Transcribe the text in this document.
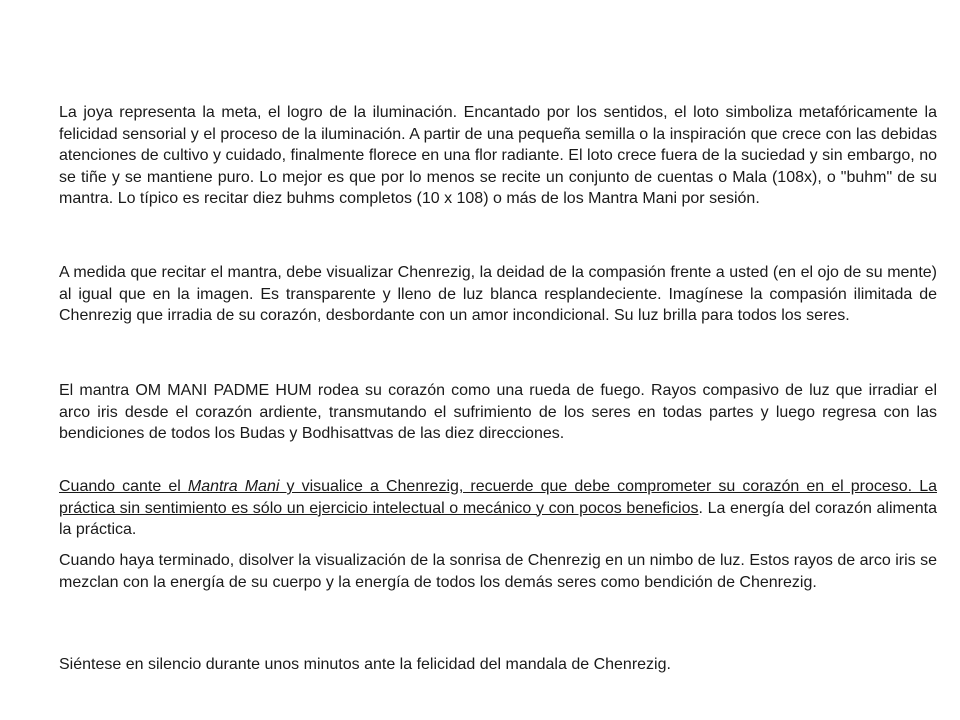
La joya representa la meta, el logro de la iluminación. Encantado por los sentidos, el loto simboliza metafóricamente la felicidad sensorial y el proceso de la iluminación. A partir de una pequeña semilla o la inspiración que crece con las debidas atenciones de cultivo y cuidado, finalmente florece en una flor radiante. El loto crece fuera de la suciedad y sin embargo, no se tiñe y se mantiene puro. Lo mejor es que por lo menos se recite un conjunto de cuentas o Mala (108x), o "buhm" de su mantra. Lo típico es recitar diez buhms completos (10 x 108) o más de los Mantra Mani por sesión.

A medida que recitar el mantra, debe visualizar Chenrezig, la deidad de la compasión frente a usted (en el ojo de su mente) al igual que en la imagen. Es transparente y lleno de luz blanca resplandeciente. Imagínese la compasión ilimitada de Chenrezig que irradia de su corazón, desbordante con un amor incondicional. Su luz brilla para todos los seres.

El mantra OM MANI PADME HUM rodea su corazón como una rueda de fuego. Rayos compasivo de luz que irradiar el arco iris desde el corazón ardiente, transmutando el sufrimiento de los seres en todas partes y luego regresa con las bendiciones de todos los Budas y Bodhisattvas de las diez direcciones.

Cuando cante el Mantra Mani y visualice a Chenrezig, recuerde que debe comprometer su corazón en el proceso. La práctica sin sentimiento es sólo un ejercicio intelectual o mecánico y con pocos beneficios. La energía del corazón alimenta la práctica.

Cuando haya terminado, disolver la visualización de la sonrisa de Chenrezig en un nimbo de luz. Estos rayos de arco iris se mezclan con la energía de su cuerpo y la energía de todos los demás seres como bendición de Chenrezig.

Siéntese en silencio durante unos minutos ante la felicidad del mandala de Chenrezig.
